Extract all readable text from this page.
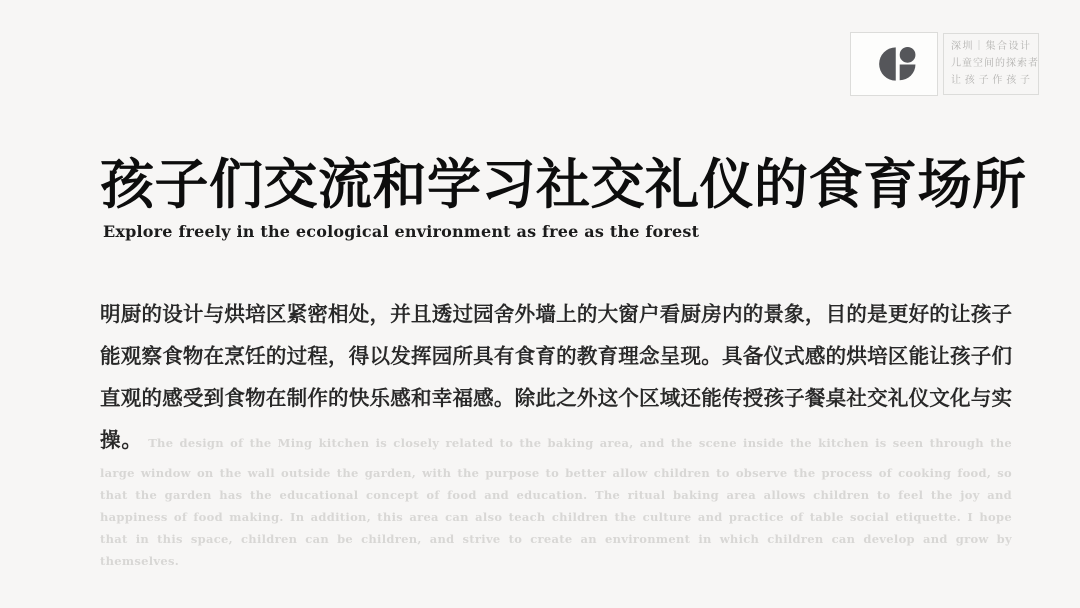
深圳｜集合设计
儿童空间的探索者
让孩子作孩子
孩子们交流和学习社交礼仪的食育场所
Explore freely in the ecological environment as free as the forest

明厨的设计与烘培区紧密相处，并且透过园舍外墙上的大窗户看厨房内的景象，目的是更好的让孩子能观察食物在烹饪的过程，得以发挥园所具有食育的教育理念呈现。具备仪式感的烘培区能让孩子们直观的感受到食物在制作的快乐感和幸福感。除此之外这个区域还能传授孩子餐桌社交礼仪文化与实操。 The design of the Ming kitchen is closely related to the baking area, and the scene inside the kitchen is seen through the large window on the wall outside the garden, with the purpose to better allow children to observe the process of cooking food, so that the garden has the educational concept of food and education. The ritual baking area allows children to feel the joy and happiness of food making. In addition, this area can also teach children the culture and practice of table social etiquette. I hope that in this space, children can be children, and strive to create an environment in which children can develop and grow by themselves.
